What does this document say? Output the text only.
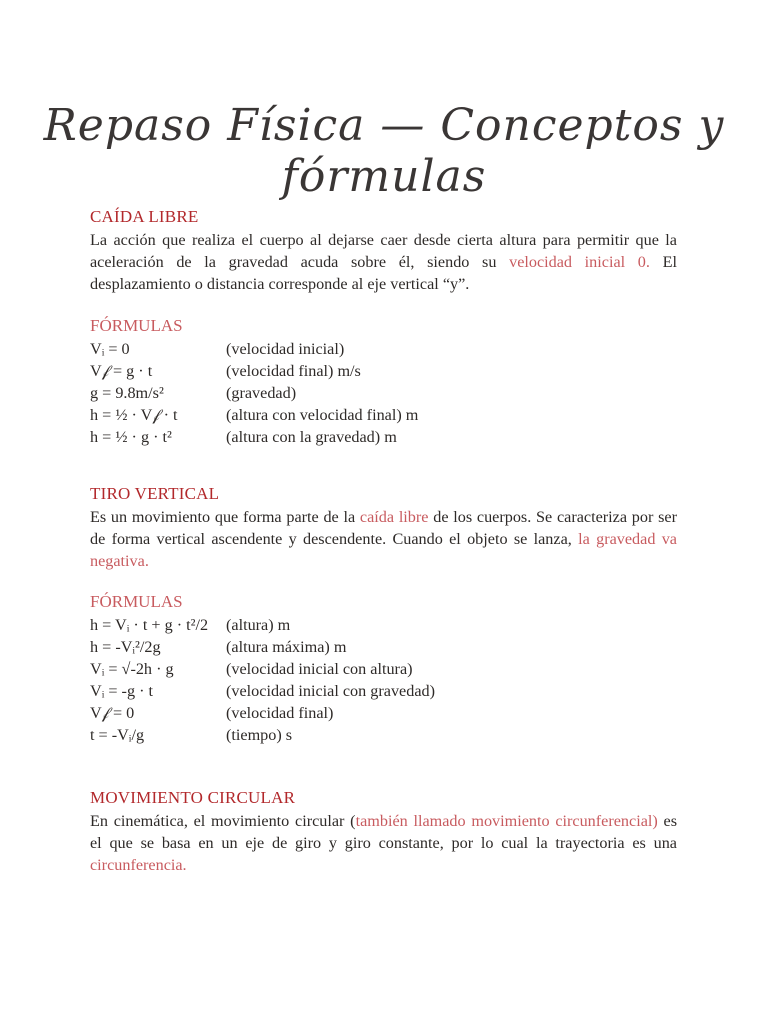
Repaso Física — Conceptos y fórmulas
CAÍDA LIBRE

La acción que realiza el cuerpo al dejarse caer desde cierta altura para permitir que la aceleración de la gravedad acuda sobre él, siendo su velocidad inicial 0. El desplazamiento o distancia corresponde al eje vertical “y”.

FÓRMULAS
Vᵢ = 0	(velocidad inicial)
V𝒻 = g · t	(velocidad final) m/s
g = 9.8m/s²	(gravedad)
h = ½ · V𝒻 · t	(altura con velocidad final) m
h = ½ · g · t²	(altura con la gravedad) m
TIRO VERTICAL

Es un movimiento que forma parte de la caída libre de los cuerpos. Se caracteriza por ser de forma vertical ascendente y descendente. Cuando el objeto se lanza, la gravedad va negativa.

FÓRMULAS
h = Vᵢ · t + g · t²/2 (altura) m
h = -Vᵢ²/2g	(altura máxima) m
Vᵢ = √-2h · g	(velocidad inicial con altura)
Vᵢ = -g · t	(velocidad inicial con gravedad)
V𝒻 = 0	(velocidad final)
t = -Vᵢ/g	(tiempo) s
MOVIMIENTO CIRCULAR

En cinemática, el movimiento circular (también llamado movimiento circunferencial) es el que se basa en un eje de giro y giro constante, por lo cual la trayectoria es una circunferencia.
